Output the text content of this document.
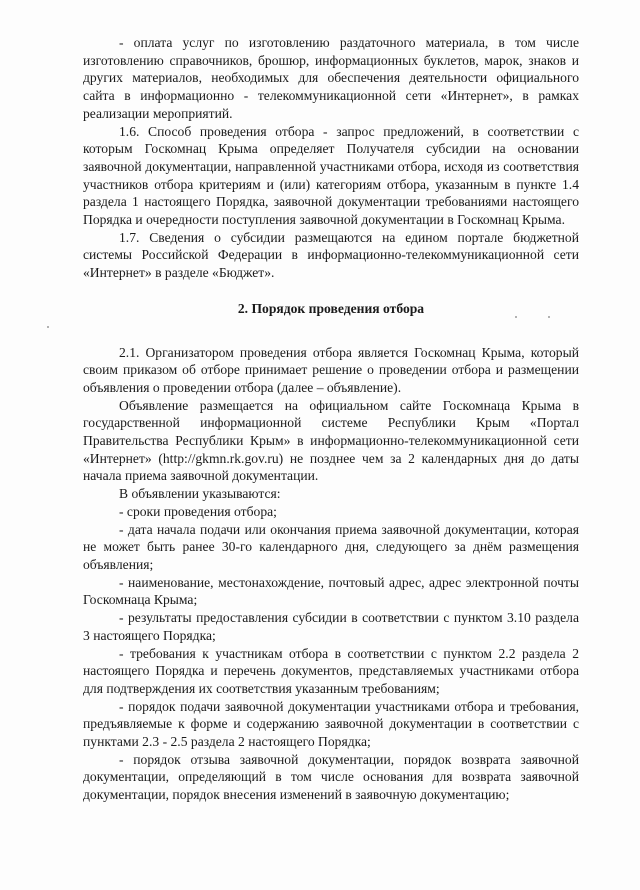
- оплата услуг по изготовлению раздаточного материала, в том числе изготовлению справочников, брошюр, информационных буклетов, марок, знаков и других материалов, необходимых для обеспечения деятельности официального сайта в информационно - телекоммуникационной сети «Интернет», в рамках реализации мероприятий.

1.6. Способ проведения отбора - запрос предложений, в соответствии с которым Госкомнац Крыма определяет Получателя субсидии на основании заявочной документации, направленной участниками отбора, исходя из соответствия участников отбора критериям и (или) категориям отбора, указанным в пункте 1.4 раздела 1 настоящего Порядка, заявочной документации требованиями настоящего Порядка и очередности поступления заявочной документации в Госкомнац Крыма.

1.7. Сведения о субсидии размещаются на едином портале бюджетной системы Российской Федерации в информационно-телекоммуникационной сети «Интернет» в разделе «Бюджет».

2. Порядок проведения отбора

2.1. Организатором проведения отбора является Госкомнац Крыма, который своим приказом об отборе принимает решение о проведении отбора и размещении объявления о проведении отбора (далее – объявление).

Объявление размещается на официальном сайте Госкомнаца Крыма в государственной информационной системе Республики Крым «Портал Правительства Республики Крым» в информационно-телекоммуникационной сети «Интернет» (http://gkmn.rk.gov.ru) не позднее чем за 2 календарных дня до даты начала приема заявочной документации.

В объявлении указываются:

- сроки проведения отбора;

- дата начала подачи или окончания приема заявочной документации, которая не может быть ранее 30-го календарного дня, следующего за днём размещения объявления;

- наименование, местонахождение, почтовый адрес, адрес электронной почты Госкомнаца Крыма;

- результаты предоставления субсидии в соответствии с пунктом 3.10 раздела 3 настоящего Порядка;

- требования к участникам отбора в соответствии с пунктом 2.2 раздела 2 настоящего Порядка и перечень документов, представляемых участниками отбора для подтверждения их соответствия указанным требованиям;

- порядок подачи заявочной документации участниками отбора и требования, предъявляемые к форме и содержанию заявочной документации в соответствии с пунктами 2.3 - 2.5 раздела 2 настоящего Порядка;

- порядок отзыва заявочной документации, порядок возврата заявочной документации, определяющий в том числе основания для возврата заявочной документации, порядок внесения изменений в заявочную документацию;
